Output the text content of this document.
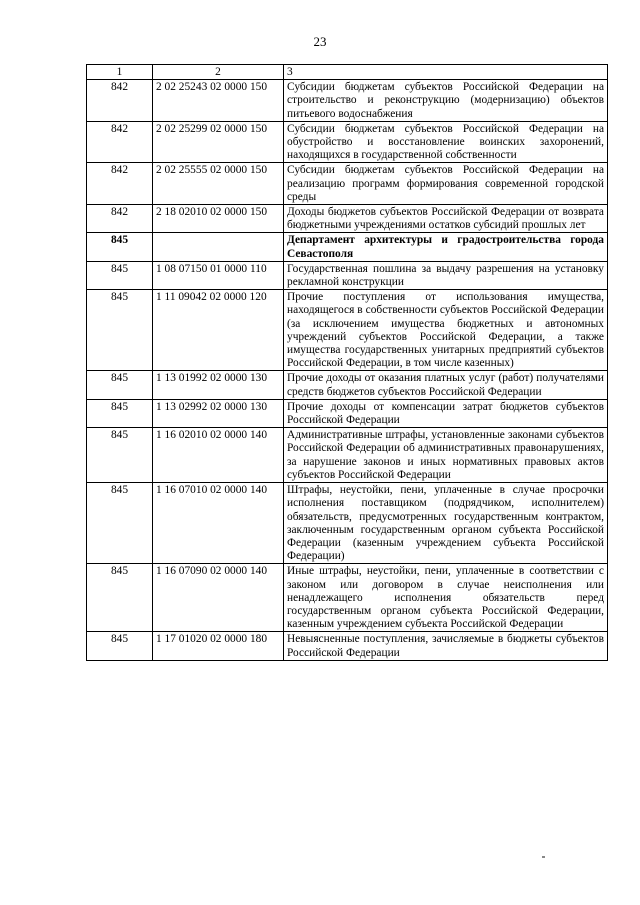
23
1	2	3
842	2 02 25243 02 0000 150	Субсидии бюджетам субъектов Российской Федерации на строительство и реконструкцию (модернизацию) объектов питьевого водоснабжения
842	2 02 25299 02 0000 150	Субсидии бюджетам субъектов Российской Федерации на обустройство и восстановление воинских захоронений, находящихся в государственной собственности
842	2 02 25555 02 0000 150	Субсидии бюджетам субъектов Российской Федерации на реализацию программ формирования современной городской среды
842	2 18 02010 02 0000 150	Доходы бюджетов субъектов Российской Федерации от возврата бюджетными учреждениями остатков субсидий прошлых лет
845		Департамент архитектуры и градостроительства города Севастополя
845	1 08 07150 01 0000 110	Государственная пошлина за выдачу разрешения на установку рекламной конструкции
845	1 11 09042 02 0000 120	Прочие поступления от использования имущества, находящегося в собственности субъектов Российской Федерации (за исключением имущества бюджетных и автономных учреждений субъектов Российской Федерации, а также имущества государственных унитарных предприятий субъектов Российской Федерации, в том числе казенных)
845	1 13 01992 02 0000 130	Прочие доходы от оказания платных услуг (работ) получателями средств бюджетов субъектов Российской Федерации
845	1 13 02992 02 0000 130	Прочие доходы от компенсации затрат бюджетов субъектов Российской Федерации
845	1 16 02010 02 0000 140	Административные штрафы, установленные законами субъектов Российской Федерации об административных правонарушениях, за нарушение законов и иных нормативных правовых актов субъектов Российской Федерации
845	1 16 07010 02 0000 140	Штрафы, неустойки, пени, уплаченные в случае просрочки исполнения поставщиком (подрядчиком, исполнителем) обязательств, предусмотренных государственным контрактом, заключенным государственным органом субъекта Российской Федерации (казенным учреждением субъекта Российской Федерации)
845	1 16 07090 02 0000 140	Иные штрафы, неустойки, пени, уплаченные в соответствии с законом или договором в случае неисполнения или ненадлежащего исполнения обязательств перед государственным органом субъекта Российской Федерации, казенным учреждением субъекта Российской Федерации
845	1 17 01020 02 0000 180	Невыясненные поступления, зачисляемые в бюджеты субъектов Российской Федерации
